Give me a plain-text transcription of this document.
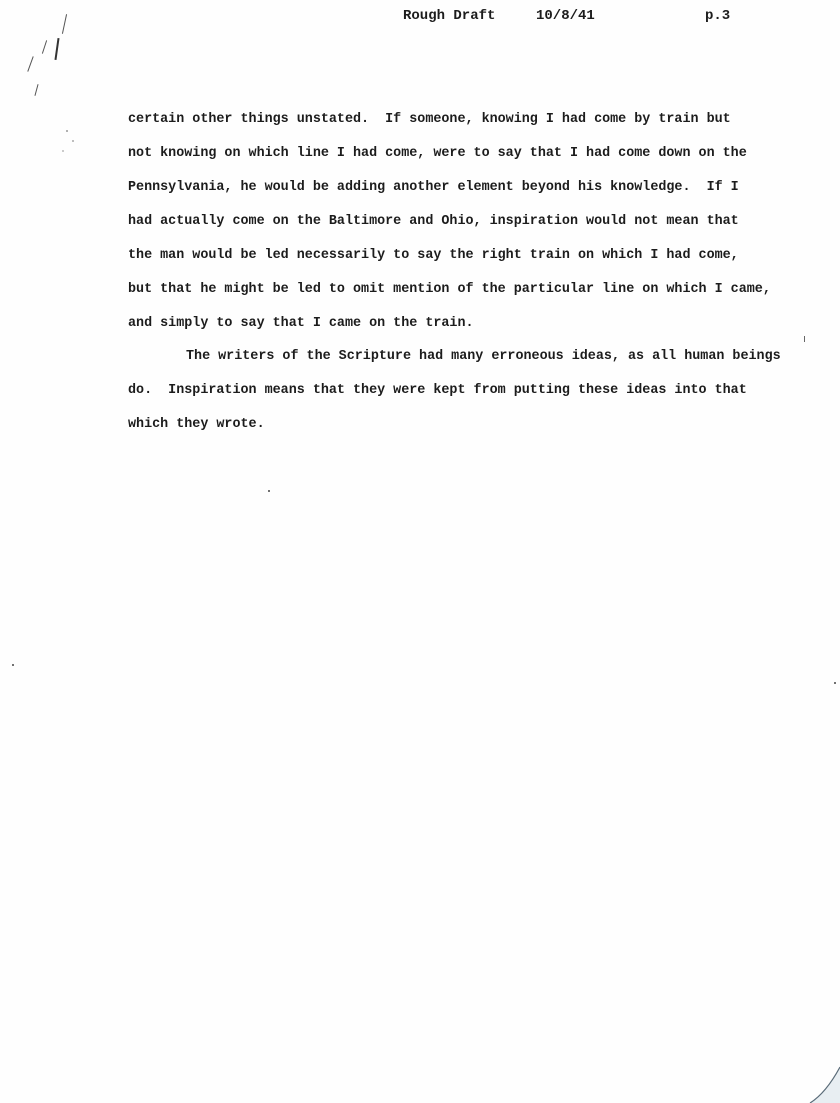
Rough Draft	10/8/41	p.3
certain other things unstated.  If someone, knowing I had come by train but
not knowing on which line I had come, were to say that I had come down on the
Pennsylvania, he would be adding another element beyond his knowledge.  If I
had actually come on the Baltimore and Ohio, inspiration would not mean that
the man would be led necessarily to say the right train on which I had come,
but that he might be led to omit mention of the particular line on which I came,
and simply to say that I came on the train.
The writers of the Scripture had many erroneous ideas, as all human beings
do.  Inspiration means that they were kept from putting these ideas into that
which they wrote.
